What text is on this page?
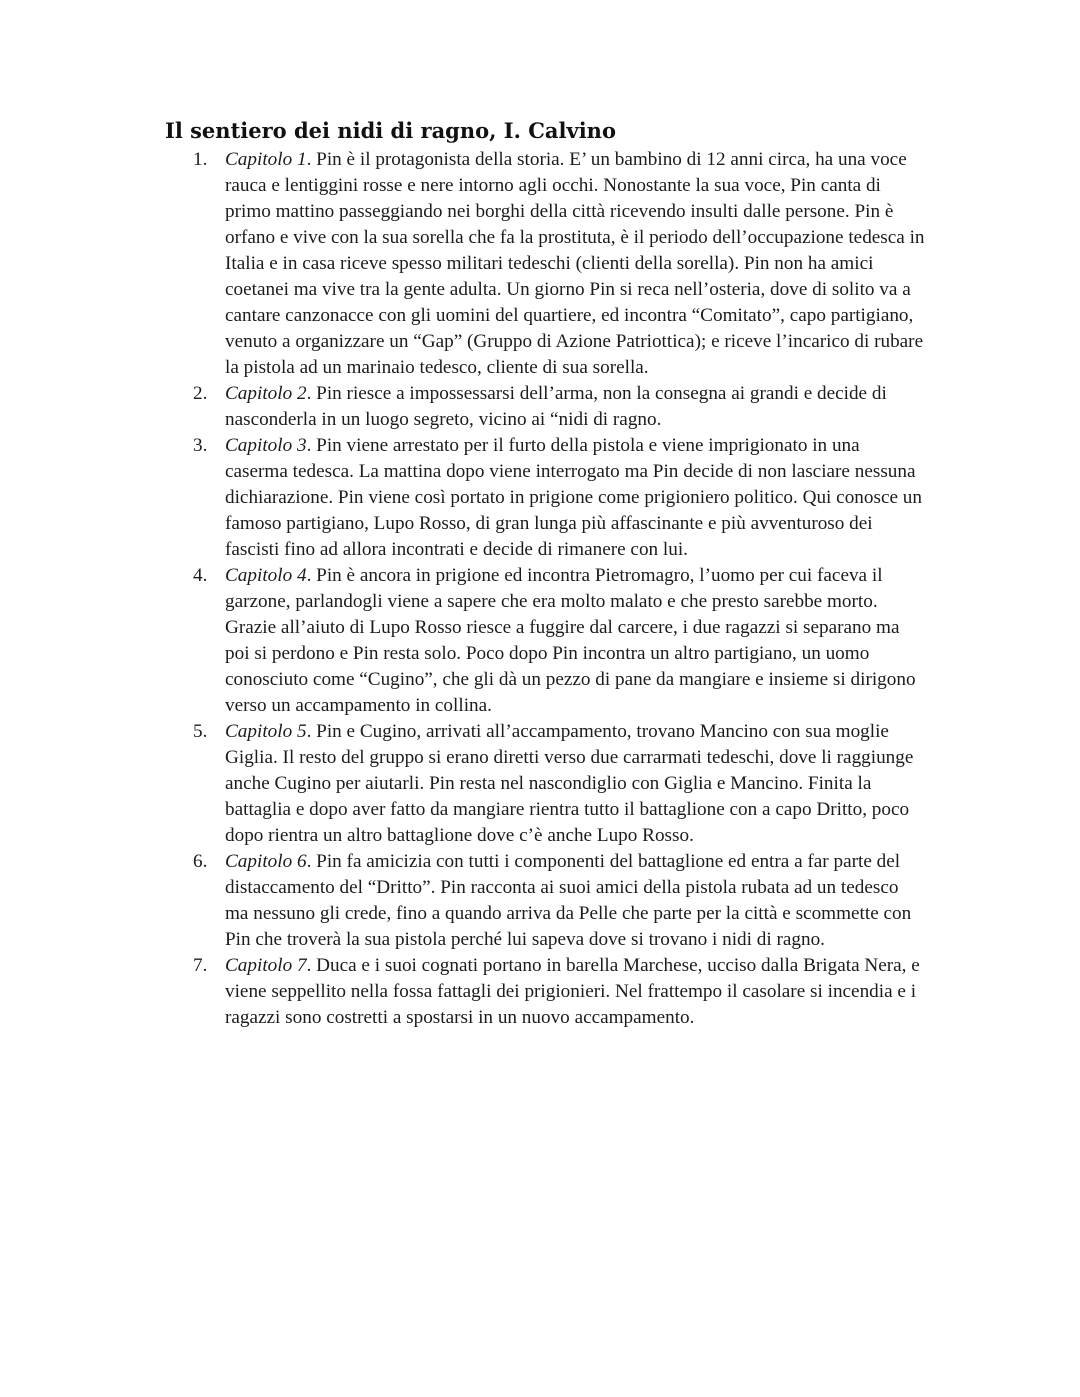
Il sentiero dei nidi di ragno, I. Calvino
1. Capitolo 1. Pin è il protagonista della storia. E’ un bambino di 12 anni circa, ha una voce rauca e lentiggini rosse e nere intorno agli occhi. Nonostante la sua voce, Pin canta di primo mattino passeggiando nei borghi della città ricevendo insulti dalle persone. Pin è orfano e vive con la sua sorella che fa la prostituta, è il periodo dell’occupazione tedesca in Italia e in casa riceve spesso militari tedeschi (clienti della sorella). Pin non ha amici coetanei ma vive tra la gente adulta. Un giorno Pin si reca nell’osteria, dove di solito va a cantare canzonacce con gli uomini del quartiere, ed incontra “Comitato”, capo partigiano, venuto a organizzare un “Gap” (Gruppo di Azione Patriottica); e riceve l’incarico di rubare la pistola ad un marinaio tedesco, cliente di sua sorella.
2. Capitolo 2. Pin riesce a impossessarsi dell’arma, non la consegna ai grandi e decide di nasconderla in un luogo segreto, vicino ai “nidi di ragno.
3. Capitolo 3. Pin viene arrestato per il furto della pistola e viene imprigionato in una caserma tedesca. La mattina dopo viene interrogato ma Pin decide di non lasciare nessuna dichiarazione. Pin viene così portato in prigione come prigioniero politico. Qui conosce un famoso partigiano, Lupo Rosso, di gran lunga più affascinante e più avventuroso dei fascisti fino ad allora incontrati e decide di rimanere con lui.
4. Capitolo 4. Pin è ancora in prigione ed incontra Pietromagro, l’uomo per cui faceva il garzone, parlandogli viene a sapere che era molto malato e che presto sarebbe morto. Grazie all’aiuto di Lupo Rosso riesce a fuggire dal carcere, i due ragazzi si separano ma poi si perdono e Pin resta solo. Poco dopo Pin incontra un altro partigiano, un uomo conosciuto come “Cugino”, che gli dà un pezzo di pane da mangiare e insieme si dirigono verso un accampamento in collina.
5. Capitolo 5. Pin e Cugino, arrivati all’accampamento, trovano Mancino con sua moglie Giglia. Il resto del gruppo si erano diretti verso due carrarmati tedeschi, dove li raggiunge anche Cugino per aiutarli. Pin resta nel nascondiglio con Giglia e Mancino. Finita la battaglia e dopo aver fatto da mangiare rientra tutto il battaglione con a capo Dritto, poco dopo rientra un altro battaglione dove c’è anche Lupo Rosso.
6. Capitolo 6. Pin fa amicizia con tutti i componenti del battaglione ed entra a far parte del distaccamento del “Dritto”. Pin racconta ai suoi amici della pistola rubata ad un tedesco ma nessuno gli crede, fino a quando arriva da Pelle che parte per la città e scommette con Pin che troverà la sua pistola perché lui sapeva dove si trovano i nidi di ragno.
7. Capitolo 7. Duca e i suoi cognati portano in barella Marchese, ucciso dalla Brigata Nera, e viene seppellito nella fossa fattagli dei prigionieri. Nel frattempo il casolare si incendia e i ragazzi sono costretti a spostarsi in un nuovo accampamento.
